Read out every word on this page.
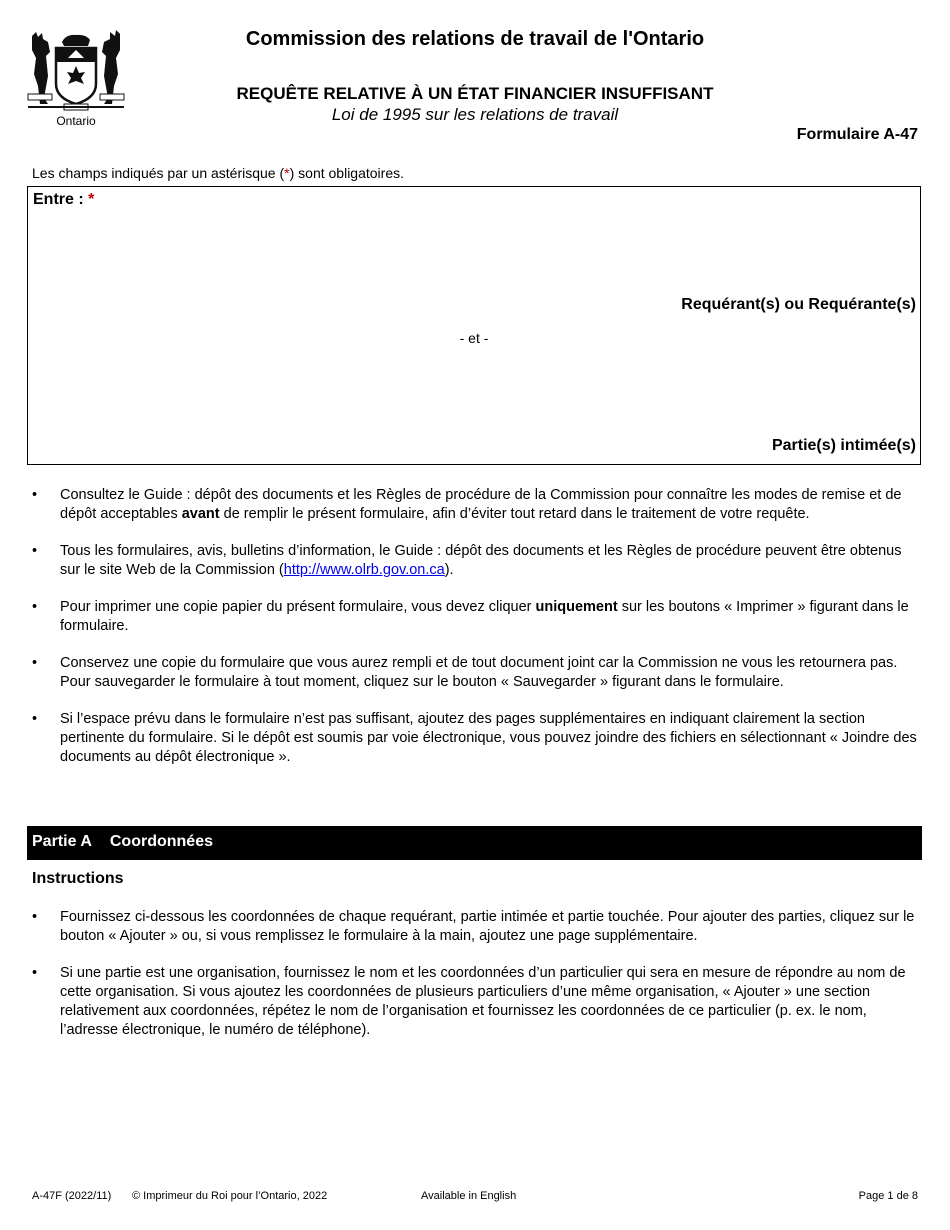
Ontario
Commission des relations de travail de l'Ontario
REQUÊTE RELATIVE À UN ÉTAT FINANCIER INSUFFISANT
Loi de 1995 sur les relations de travail
Formulaire A-47
Les champs indiqués par un astérisque (*) sont obligatoires.
Entre : *
Requérant(s) ou Requérante(s)
- et -
Partie(s) intimée(s)
• Consultez le Guide : dépôt des documents et les Règles de procédure de la Commission pour connaître les modes de remise et de dépôt acceptables avant de remplir le présent formulaire, afin d’éviter tout retard dans le traitement de votre requête.
• Tous les formulaires, avis, bulletins d’information, le Guide : dépôt des documents et les Règles de procédure peuvent être obtenus sur le site Web de la Commission (http://www.olrb.gov.on.ca).
• Pour imprimer une copie papier du présent formulaire, vous devez cliquer uniquement sur les boutons « Imprimer » figurant dans le formulaire.
• Conservez une copie du formulaire que vous aurez rempli et de tout document joint car la Commission ne vous les retournera pas. Pour sauvegarder le formulaire à tout moment, cliquez sur le bouton « Sauvegarder » figurant dans le formulaire.
• Si l’espace prévu dans le formulaire n’est pas suffisant, ajoutez des pages supplémentaires en indiquant clairement la section pertinente du formulaire. Si le dépôt est soumis par voie électronique, vous pouvez joindre des fichiers en sélectionnant « Joindre des documents au dépôt électronique ».
Partie A Coordonnées
Instructions
• Fournissez ci-dessous les coordonnées de chaque requérant, partie intimée et partie touchée. Pour ajouter des parties, cliquez sur le bouton « Ajouter » ou, si vous remplissez le formulaire à la main, ajoutez une page supplémentaire.
• Si une partie est une organisation, fournissez le nom et les coordonnées d’un particulier qui sera en mesure de répondre au nom de cette organisation. Si vous ajoutez les coordonnées de plusieurs particuliers d’une même organisation, « Ajouter » une section relativement aux coordonnées, répétez le nom de l’organisation et fournissez les coordonnées de ce particulier (p. ex. le nom, l’adresse électronique, le numéro de téléphone).
A-47F (2022/11) © Imprimeur du Roi pour l’Ontario, 2022	Available in English	Page 1 de 8
